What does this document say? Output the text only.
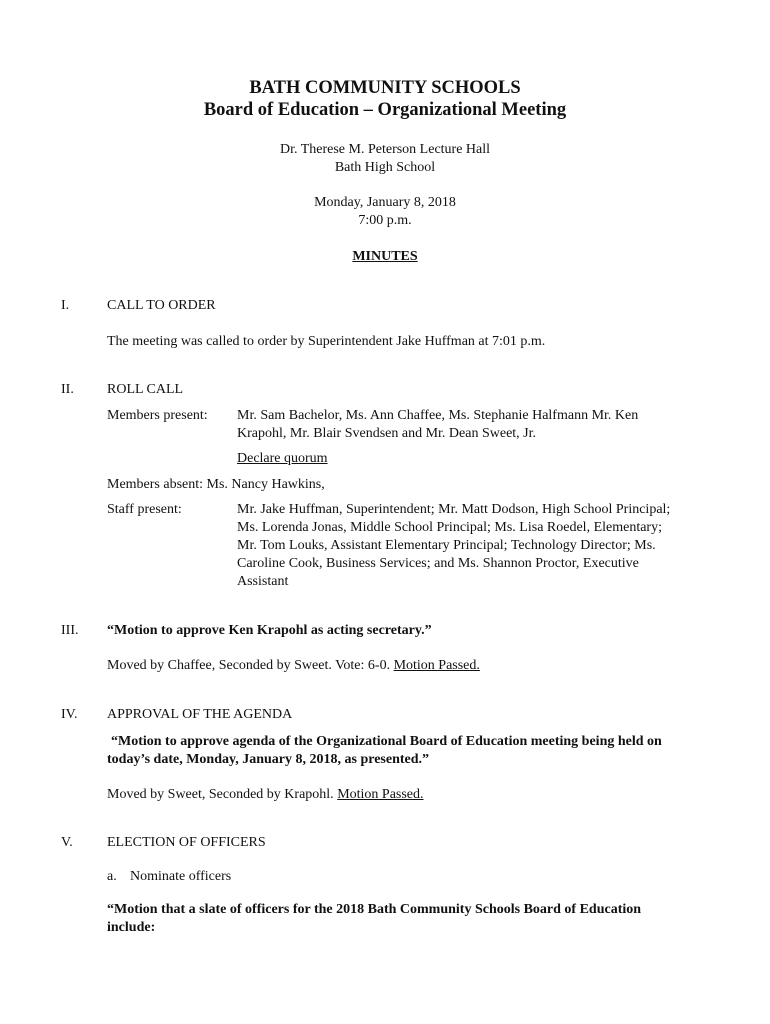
BATH COMMUNITY SCHOOLS
Board of Education – Organizational Meeting
Dr. Therese M. Peterson Lecture Hall
Bath High School
Monday, January 8, 2018
7:00 p.m.
MINUTES
I.	CALL TO ORDER
The meeting was called to order by Superintendent Jake Huffman at 7:01 p.m.
II. ROLL CALL
Members present: Mr. Sam Bachelor, Ms. Ann Chaffee, Ms. Stephanie Halfmann Mr. Ken
Krapohl, Mr. Blair Svendsen and Mr. Dean Sweet, Jr.
Declare quorum
Members absent: Ms. Nancy Hawkins,
Staff present:	Mr. Jake Huffman, Superintendent; Mr. Matt Dodson, High School Principal;
Ms. Lorenda Jonas, Middle School Principal; Ms. Lisa Roedel, Elementary;
Mr. Tom Louks, Assistant Elementary Principal; Technology Director; Ms.
Caroline Cook, Business Services; and Ms. Shannon Proctor, Executive
Assistant
III. “Motion to approve Ken Krapohl as acting secretary.”
Moved by Chaffee, Seconded by Sweet. Vote: 6-0. Motion Passed.
IV. APPROVAL OF THE AGENDA
“Motion to approve agenda of the Organizational Board of Education meeting being held on
today’s date, Monday, January 8, 2018, as presented.”
Moved by Sweet, Seconded by Krapohl. Motion Passed.
V. ELECTION OF OFFICERS
a. Nominate officers
“Motion that a slate of officers for the 2018 Bath Community Schools Board of Education
include:
